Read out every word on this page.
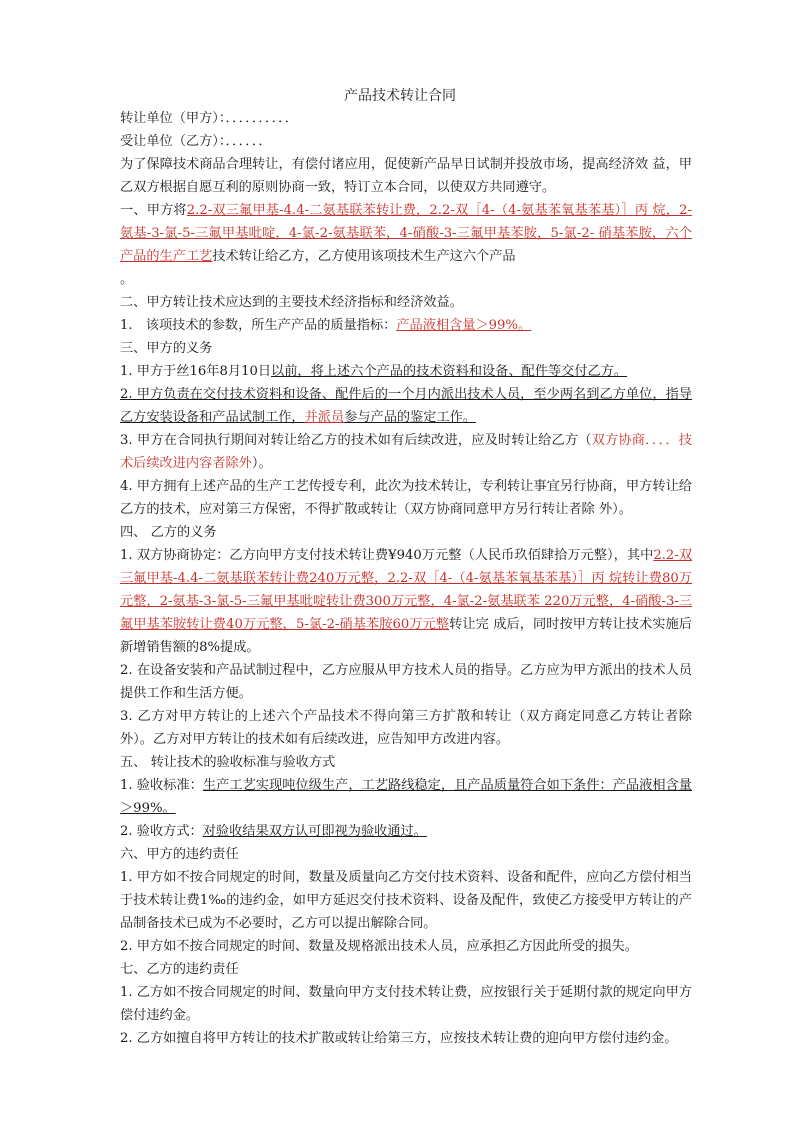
产品技术转让合同

转让单位（甲方）：．．．．．．．．．．

受让单位（乙方）：．．．．．．

为了保障技术商品合理转让，有偿付诸应用，促使新产品早日试制并投放市场，提高经济效 益，甲乙双方根据自愿互利的原则协商一致，特订立本合同，以使双方共同遵守。

一、甲方将2.2-双三氟甲基-4.4-二氨基联苯转让费，2.2-双［4-（4-氨基苯氧基苯基）］丙 烷，2-氨基-3-氯-5-三氟甲基吡啶，4-氯-2-氨基联苯，4-硝酸-3-三氟甲基苯胺，5-氯-2- 硝基苯胺，六个产品的生产工艺技术转让给乙方，乙方使用该项技术生产这六个产品
。

二、甲方转让技术应达到的主要技术经济指标和经济效益。

1.　该项技术的参数，所生产产品的质量指标：产品液相含量＞99%。

三、甲方的义务

1. 甲方于丝16年8月10日以前，将上述六个产品的技术资料和设备、配件等交付乙方。

2. 甲方负责在交付技术资料和设备、配件后的一个月内派出技术人员，至少两名到乙方单位，指导乙方安装设备和产品试制工作，并派员参与产品的鉴定工作。

3. 甲方在合同执行期间对转让给乙方的技术如有后续改进，应及时转让给乙方（双方协商．．．．技术后续改进内容者除外）。

4. 甲方拥有上述产品的生产工艺传授专利，此次为技术转让，专利转让事宜另行协商，甲方转让给乙方的技术，应对第三方保密，不得扩散或转让（双方协商同意甲方另行转让者除 外）。

四、 乙方的义务

1. 双方协商协定：乙方向甲方支付技术转让费¥940万元整（人民币玖佰肆拾万元整），其中2.2-双三氟甲基-4.4-二氨基联苯转让费240万元整，2.2-双［4-（4-氨基苯氧基苯基）］丙 烷转让费80万元整，2-氨基-3-氯-5-三氟甲基吡啶转让费300万元整，4-氯-2-氨基联苯 220万元整，4-硝酸-3-三氟甲基苯胺转让费40万元整，5-氯-2-硝基苯胺60万元整转让完 成后，同时按甲方转让技术实施后新增销售额的8%提成。

2. 在设备安装和产品试制过程中，乙方应服从甲方技术人员的指导。乙方应为甲方派出的技术人员提供工作和生活方便。

3. 乙方对甲方转让的上述六个产品技术不得向第三方扩散和转让（双方商定同意乙方转让者除外）。乙方对甲方转让的技术如有后续改进，应告知甲方改进内容。

五、 转让技术的验收标准与验收方式

1. 验收标准：生产工艺实现吨位级生产，工艺路线稳定，且产品质量符合如下条件：产品液相含量＞99%。

2. 验收方式：对验收结果双方认可即视为验收通过。

六、甲方的违约责任

1. 甲方如不按合同规定的时间，数量及质量向乙方交付技术资料、设备和配件，应向乙方偿付相当于技术转让费1‰的违约金，如甲方延迟交付技术资料、设备及配件，致使乙方接受甲方转让的产品制备技术已成为不必要时，乙方可以提出解除合同。

2. 甲方如不按合同规定的时间、数量及规格派出技术人员，应承担乙方因此所受的损失。

七、乙方的违约责任

1. 乙方如不按合同规定的时间、数量向甲方支付技术转让费，应按银行关于延期付款的规定向甲方偿付违约金。

2. 乙方如擅自将甲方转让的技术扩散或转让给第三方，应按技术转让费的迎向甲方偿付违约金。
